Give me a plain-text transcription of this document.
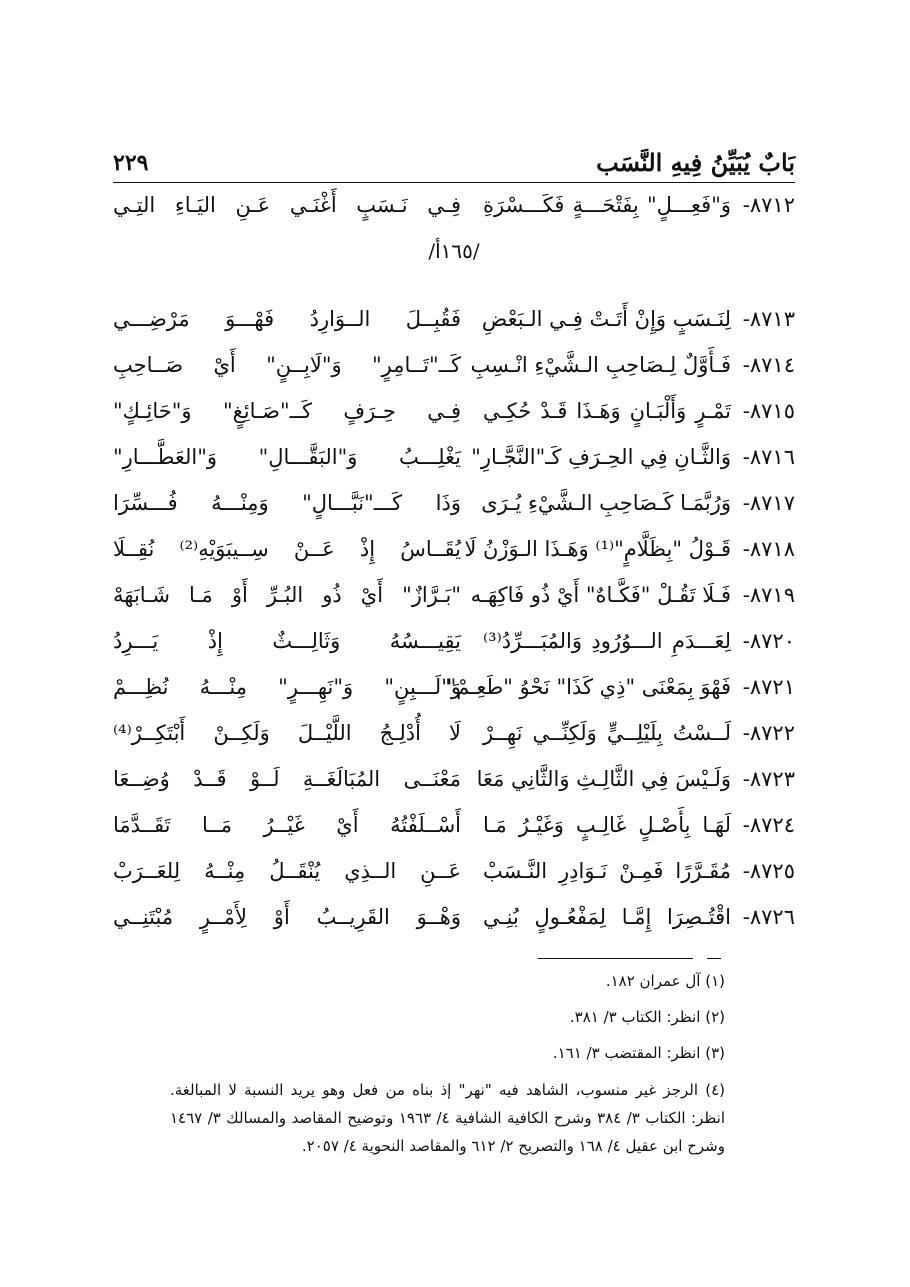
بَابٌ يُبَيِّنُ فِيهِ النَّسَب
٢٢٩
٨٧١٢-
وَ"فَعِـــلٍ" بِفَتْحَـــةٍ فَكَـــسْرَةِ
فِـي نَـسَبٍ أَغْنَـي عَـنِ اليَـاءِ التِـي
/١٦٥أ/
٨٧١٣-
لِنَـسَبٍ وَإِنْ أَتَـتْ فِـي الـبَعْضِ
فَقُبِــلَ الــوَارِدُ فَهْـــوَ مَرْضِـــي
٨٧١٤-
فَـأَوَّلٌ لِـصَاحِبِ الـشَّيْءِ انْـسِبِ
كَــ"تَــامِرٍ" وَ"لَابِــنٍ" أَيْ صَــاحِبِ
٨٧١٥-
تَمْـرٍ وَأَلْبَـانٍ وَهَـذَا قَـدْ حُكِـي
فِـي حِـرَفٍ كَــ"صَـائِغٍ" وَ"حَائِـكٍ"
٨٧١٦-
وَالثَّـانِ فِي الحِـرَفِ كَـ"النَّجَّـارِ"
يَغْلِـــبُ وَ"البَقَّـــالِ" وَ"العَطَّـــارِ"
٨٧١٧-
وَرُبَّمَـا كَـصَاحِبِ الـشَّيْءِ يُـرَى
وَذَا كَـــ"نَبَّـــالٍ" وَمِنْـــهُ فُـــسِّرَا
٨٧١٨-
قَـوْلُ "بِظَلَّامٍ"⁽¹⁾ وَهَـذَا الـوَزْنُ لَا
يُقَــاسُ إِذْ عَــنْ سِــيبَوَيْهِ⁽²⁾ نُقِــلَا
٨٧١٩-
فَـلَا تَقُـلْ "فَكَّـاهٌ" أَيْ ذُو فَاكِهَـه
"بَـرَّازٌ" أَيْ ذُو البُـرِّ أَوْ مَـا شَـابَهَهْ
٨٧٢٠-
لِعَـــدَمِ الـــوُرُودِ وَالمُبَـــرِّدُ⁽³⁾
يَقِيـــسُهُ وَثَالِـــثٌ إِذْ يَـــرِدُ
٨٧٢١-
فَهْوَ بِمَعْنَى "ذِي كَذَا" نَحْوُ "طَعِـمْ"
وَ"لَـــبِنٍ" وَ"نَهِـــرٍ" مِنْـــهُ نُظِـــمْ
٨٧٢٢-
لَــسْتُ بِلَيْلِــيٍّ وَلَكِنِّــي نَهِــرْ
لَا أُدْلِـجُ اللَّيْــلَ وَلَكِــنْ أَبْتَكِــرْ⁽⁴⁾
٨٧٢٣-
وَلَـيْسَ فِي الثَّالِـثِ وَالثَّانِي مَعَا
مَعْنَــى المُبَالَغَــةِ لَــوْ قَــدْ وُضِــعَا
٨٧٢٤-
لَهَـا بِأَصْـلٍ غَالِـبٍ وَغَيْـرُ مَـا
أَسْــلَفْتُهُ أَيْ غَيْــرُ مَــا تَقَــدَّمَا
٨٧٢٥-
مُقَـرَّرًا فَمِـنْ نَـوَادِرِ النَّـسَبْ
عَــنِ الــذِي يُنْقَــلُ مِنْــهُ لِلعَــرَبْ
٨٧٢٦-
اقْتُـصِرَا إِمَّـا لِمَفْعُـولٍ بُنِـي
وَهْــوَ القَرِيــبُ أَوْ لِأَمْــرٍ مُبْتَنِــي
(١) آل عمران ١٨٢.
(٢) انظر: الكتاب ٣/ ٣٨١.
(٣) انظر: المقتضب ٣/ ١٦١.
(٤) الرجز غير منسوب، الشاهد فيه "نهر" إذ بناه من فعل وهو يريد النسبة لا المبالغة. انظر: الكتاب ٣/ ٣٨٤ وشرح الكافية الشافية ٤/ ١٩٦٣ وتوضيح المقاصد والمسالك ٣/ ١٤٦٧ وشرح ابن عقيل ٤/ ١٦٨ والتصريح ٢/ ٦١٢ والمقاصد النحوية ٤/ ٢٠٥٧.
